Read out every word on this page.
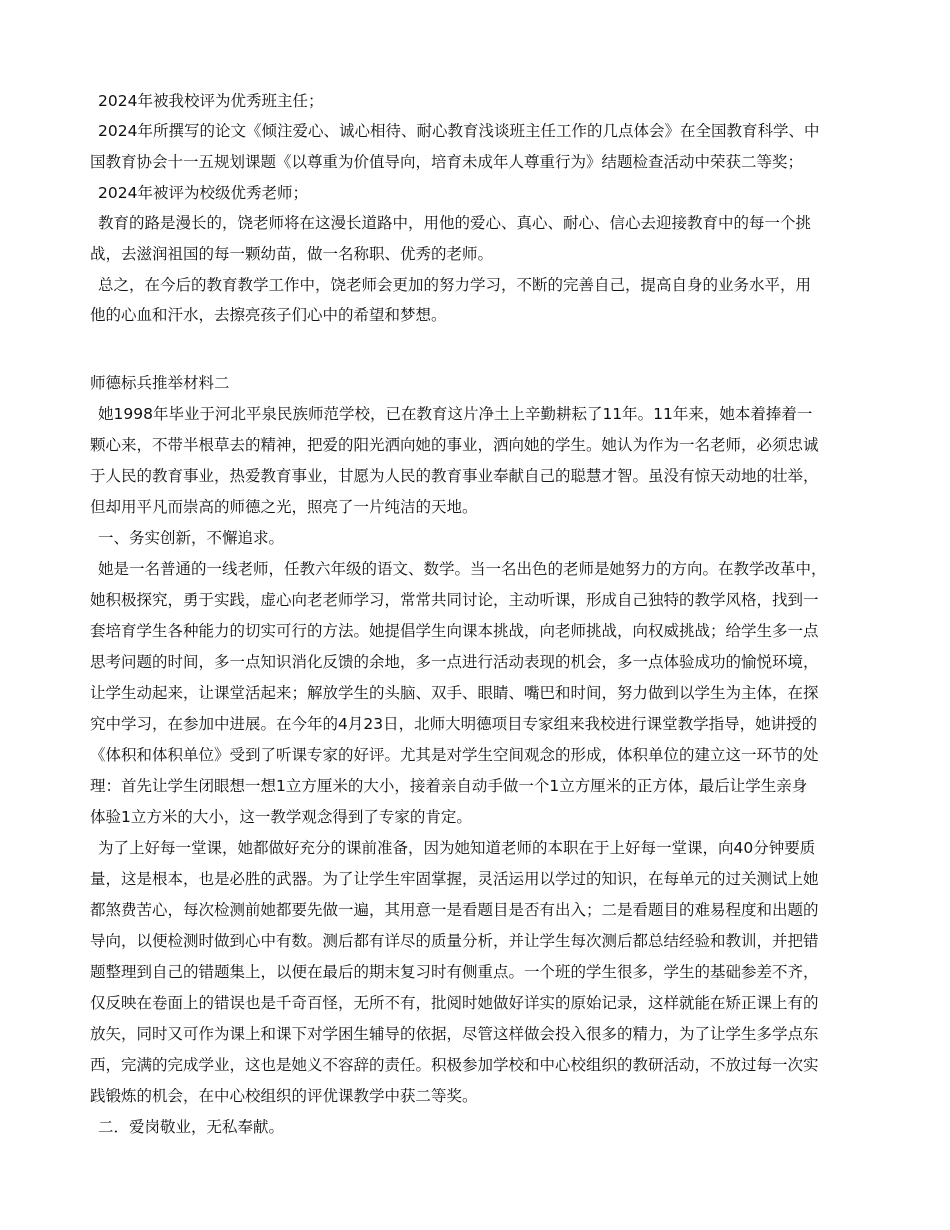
2024年被我校评为优秀班主任；
2024年所撰写的论文《倾注爱心、诚心相待、耐心教育浅谈班主任工作的几点体会》在全国教育科学、中
国教育协会十一五规划课题《以尊重为价值导向，培育未成年人尊重行为》结题检查活动中荣获二等奖；
2024年被评为校级优秀老师；
教育的路是漫长的，饶老师将在这漫长道路中，用他的爱心、真心、耐心、信心去迎接教育中的每一个挑
战，去滋润祖国的每一颗幼苗，做一名称职、优秀的老师。
总之，在今后的教育教学工作中，饶老师会更加的努力学习，不断的完善自己，提高自身的业务水平，用
他的心血和汗水，去擦亮孩子们心中的希望和梦想。
师德标兵推举材料二
她1998年毕业于河北平泉民族师范学校，已在教育这片净土上辛勤耕耘了11年。11年来，她本着捧着一
颗心来，不带半根草去的精神，把爱的阳光洒向她的事业，洒向她的学生。她认为作为一名老师，必须忠诚
于人民的教育事业，热爱教育事业，甘愿为人民的教育事业奉献自己的聪慧才智。虽没有惊天动地的壮举，
但却用平凡而崇高的师德之光，照亮了一片纯洁的天地。
一、务实创新，不懈追求。
她是一名普通的一线老师，任教六年级的语文、数学。当一名出色的老师是她努力的方向。在教学改革中，
她积极探究，勇于实践，虚心向老老师学习，常常共同讨论，主动听课，形成自己独特的教学风格，找到一
套培育学生各种能力的切实可行的方法。她提倡学生向课本挑战，向老师挑战，向权威挑战；给学生多一点
思考问题的时间，多一点知识消化反馈的余地，多一点进行活动表现的机会，多一点体验成功的愉悦环境，
让学生动起来，让课堂活起来；解放学生的头脑、双手、眼睛、嘴巴和时间，努力做到以学生为主体，在探
究中学习，在参加中进展。在今年的4月23日，北师大明德项目专家组来我校进行课堂教学指导，她讲授的
《体积和体积单位》受到了听课专家的好评。尤其是对学生空间观念的形成，体积单位的建立这一环节的处
理：首先让学生闭眼想一想1立方厘米的大小，接着亲自动手做一个1立方厘米的正方体，最后让学生亲身
体验1立方米的大小，这一教学观念得到了专家的肯定。
为了上好每一堂课，她都做好充分的课前准备，因为她知道老师的本职在于上好每一堂课，向40分钟要质
量，这是根本，也是必胜的武器。为了让学生牢固掌握，灵活运用以学过的知识，在每单元的过关测试上她
都煞费苦心，每次检测前她都要先做一遍，其用意一是看题目是否有出入；二是看题目的难易程度和出题的
导向，以便检测时做到心中有数。测后都有详尽的质量分析，并让学生每次测后都总结经验和教训，并把错
题整理到自己的错题集上，以便在最后的期末复习时有侧重点。一个班的学生很多，学生的基础参差不齐，
仅反映在卷面上的错误也是千奇百怪，无所不有，批阅时她做好详实的原始记录，这样就能在矫正课上有的
放矢，同时又可作为课上和课下对学困生辅导的依据，尽管这样做会投入很多的精力，为了让学生多学点东
西，完满的完成学业，这也是她义不容辞的责任。积极参加学校和中心校组织的教研活动，不放过每一次实
践锻炼的机会，在中心校组织的评优课教学中获二等奖。
二．爱岗敬业，无私奉献。
